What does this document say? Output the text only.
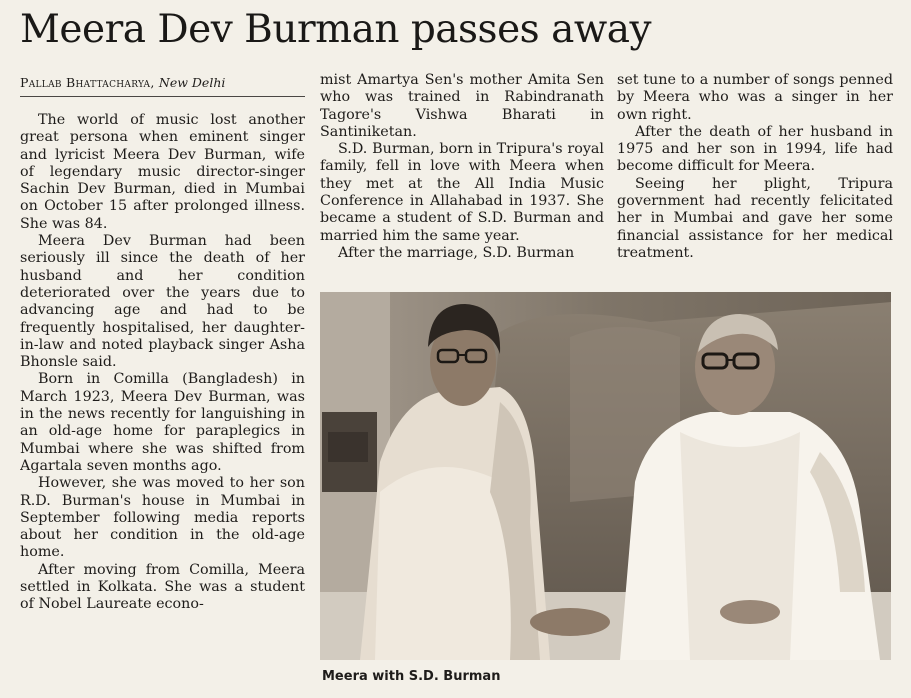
Meera Dev Burman passes away
Pallab Bhattacharya, New Delhi

The world of music lost another great persona when eminent singer and lyricist Meera Dev Burman, wife of legendary music director-singer Sachin Dev Burman, died in Mumbai on October 15 after prolonged illness. She was 84.

Meera Dev Burman had been seriously ill since the death of her husband and her condition deteriorated over the years due to advancing age and had to be frequently hospitalised, her daughter-in-law and noted playback singer Asha Bhonsle said.

Born in Comilla (Bangladesh) in March 1923, Meera Dev Burman, was in the news recently for languishing in an old-age home for paraplegics in Mumbai where she was shifted from Agartala seven months ago.

However, she was moved to her son R.D. Burman's house in Mumbai in September following media reports about her condition in the old-age home.

After moving from Comilla, Meera settled in Kolkata. She was a student of Nobel Laureate econo-

mist Amartya Sen's mother Amita Sen who was trained in Rabindranath Tagore's Vishwa Bharati in Santiniketan.

S.D. Burman, born in Tripura's royal family, fell in love with Meera when they met at the All India Music Conference in Allahabad in 1937. She became a student of S.D. Burman and married him the same year.

After the marriage, S.D. Burman

set tune to a number of songs penned by Meera who was a singer in her own right.

After the death of her husband in 1975 and her son in 1994, life had become difficult for Meera.

Seeing her plight, Tripura government had recently felicitated her in Mumbai and gave her some financial assistance for her medical treatment.

Meera with S.D. Burman
